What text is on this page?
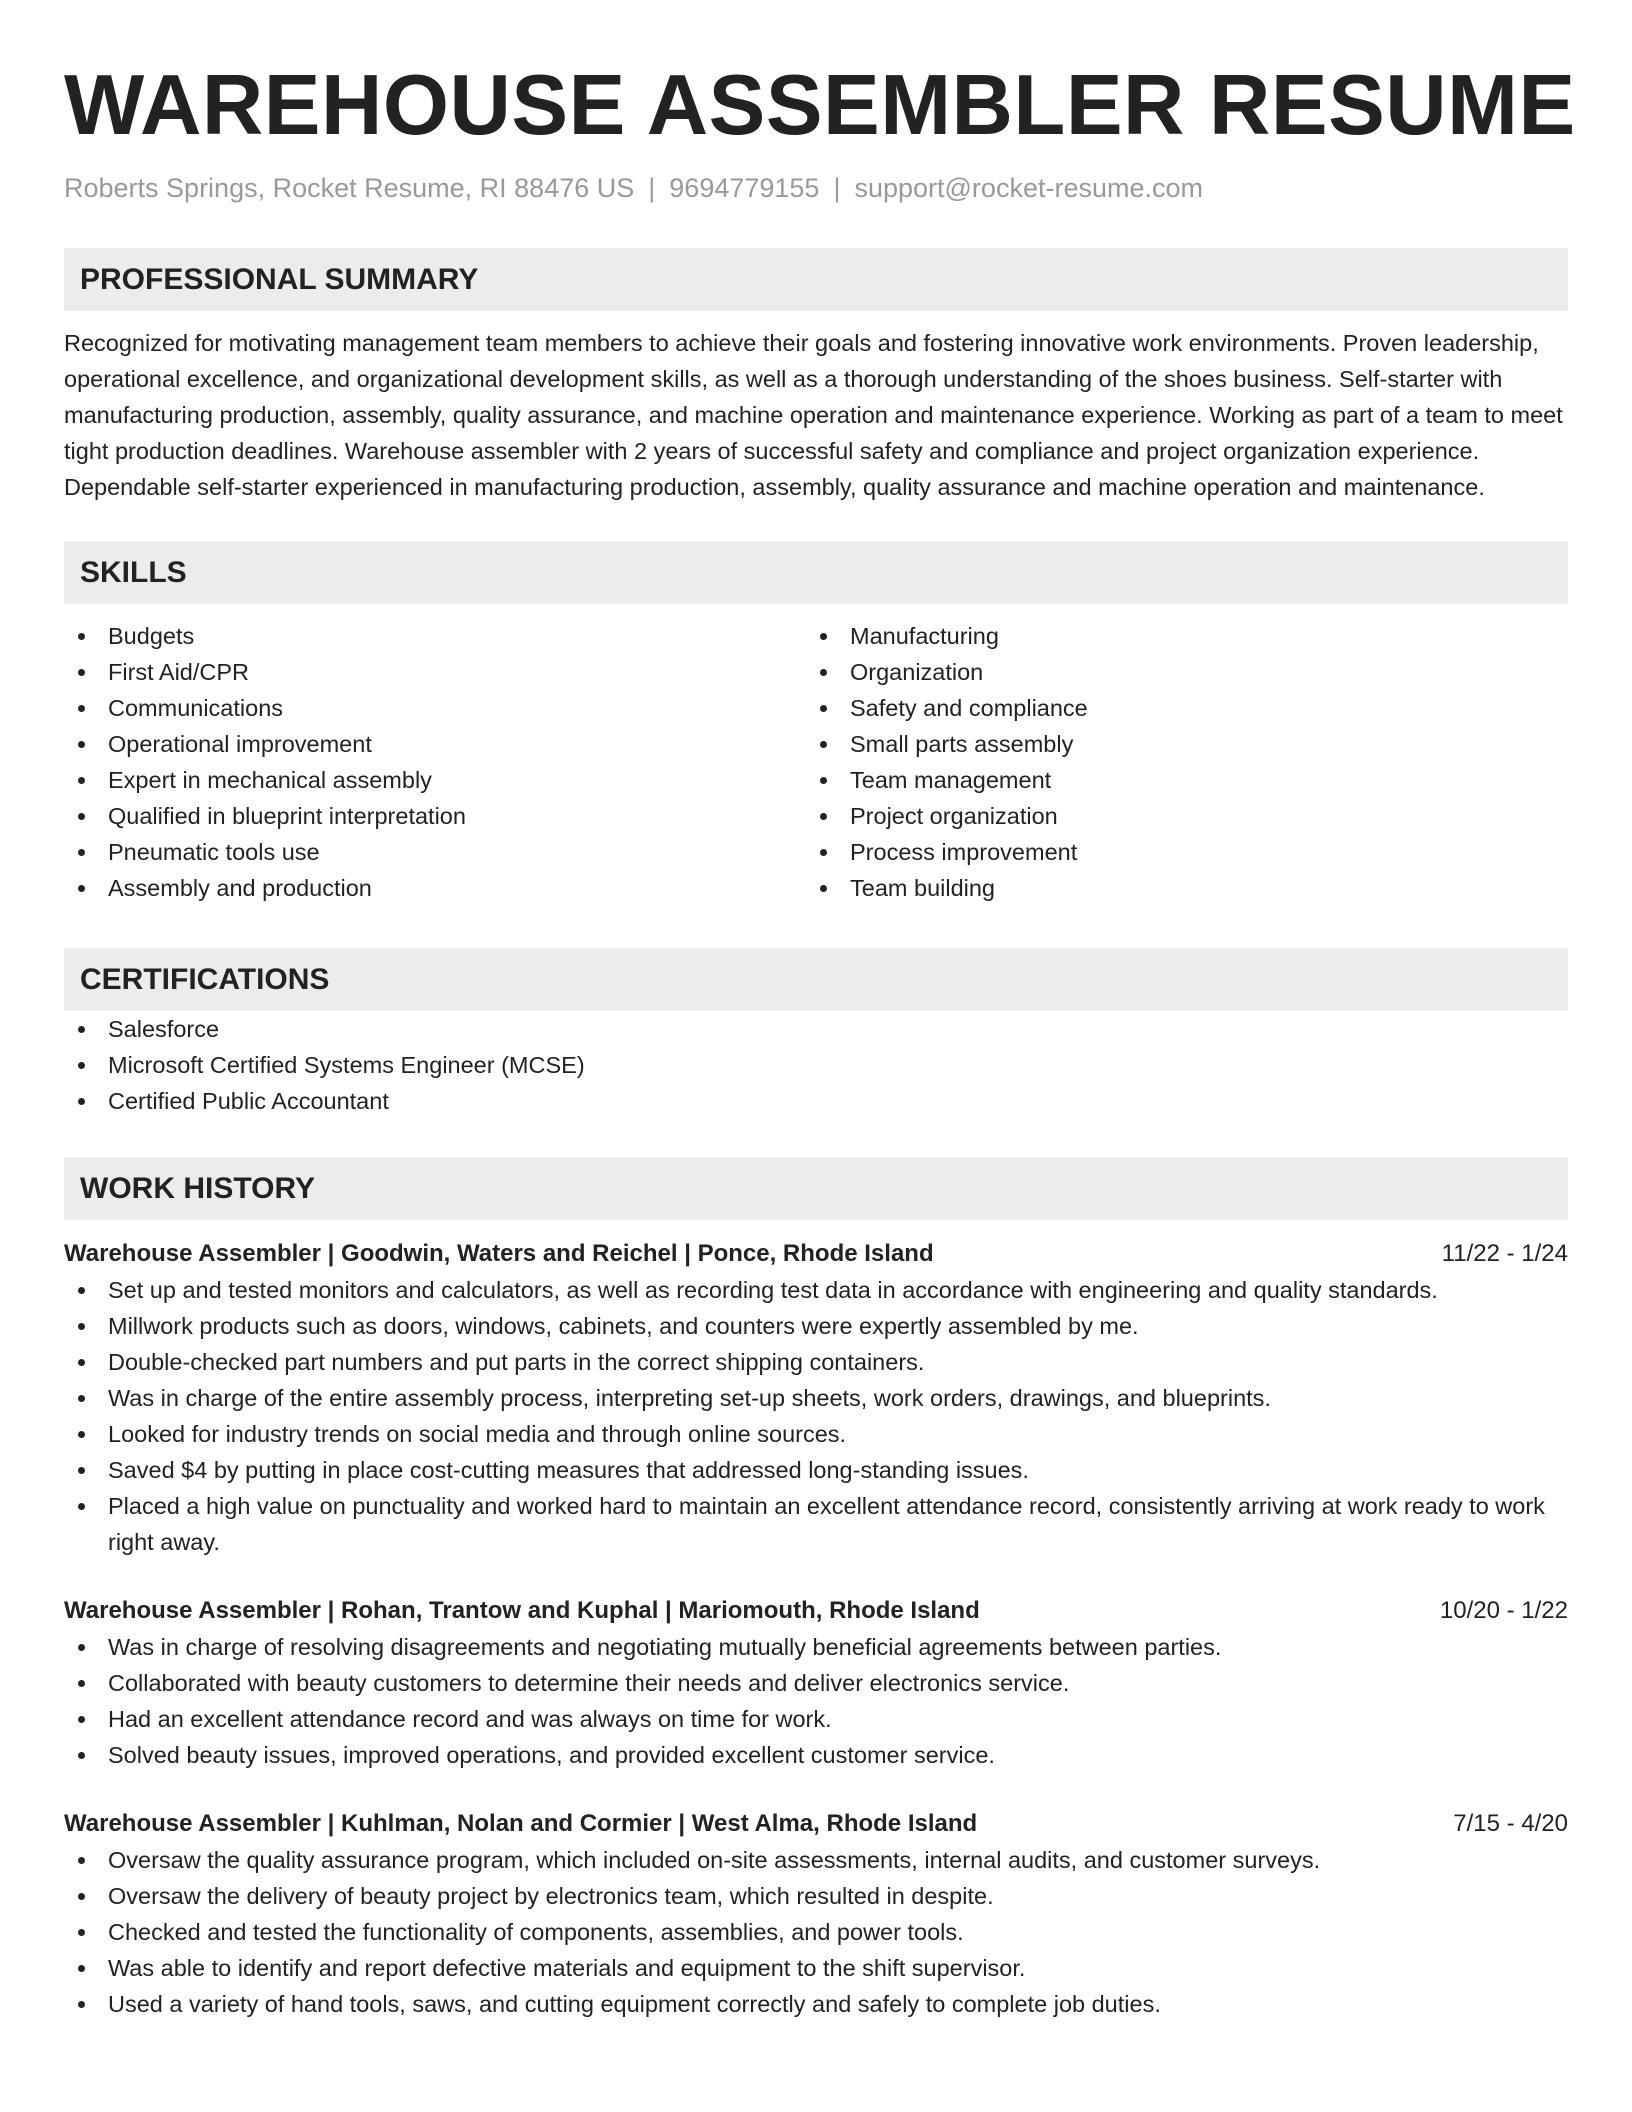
WAREHOUSE ASSEMBLER RESUME
Roberts Springs, Rocket Resume, RI 88476 US | 9694779155 | support@rocket-resume.com
PROFESSIONAL SUMMARY
Recognized for motivating management team members to achieve their goals and fostering innovative work environments. Proven leadership, operational excellence, and organizational development skills, as well as a thorough understanding of the shoes business. Self-starter with manufacturing production, assembly, quality assurance, and machine operation and maintenance experience. Working as part of a team to meet tight production deadlines. Warehouse assembler with 2 years of successful safety and compliance and project organization experience. Dependable self-starter experienced in manufacturing production, assembly, quality assurance and machine operation and maintenance.
SKILLS
Budgets
First Aid/CPR
Communications
Operational improvement
Expert in mechanical assembly
Qualified in blueprint interpretation
Pneumatic tools use
Assembly and production
Manufacturing
Organization
Safety and compliance
Small parts assembly
Team management
Project organization
Process improvement
Team building
CERTIFICATIONS
Salesforce
Microsoft Certified Systems Engineer (MCSE)
Certified Public Accountant
WORK HISTORY
Warehouse Assembler | Goodwin, Waters and Reichel | Ponce, Rhode Island	11/22 - 1/24
Set up and tested monitors and calculators, as well as recording test data in accordance with engineering and quality standards.
Millwork products such as doors, windows, cabinets, and counters were expertly assembled by me.
Double-checked part numbers and put parts in the correct shipping containers.
Was in charge of the entire assembly process, interpreting set-up sheets, work orders, drawings, and blueprints.
Looked for industry trends on social media and through online sources.
Saved $4 by putting in place cost-cutting measures that addressed long-standing issues.
Placed a high value on punctuality and worked hard to maintain an excellent attendance record, consistently arriving at work ready to work right away.
Warehouse Assembler | Rohan, Trantow and Kuphal | Mariomouth, Rhode Island	10/20 - 1/22
Was in charge of resolving disagreements and negotiating mutually beneficial agreements between parties.
Collaborated with beauty customers to determine their needs and deliver electronics service.
Had an excellent attendance record and was always on time for work.
Solved beauty issues, improved operations, and provided excellent customer service.
Warehouse Assembler | Kuhlman, Nolan and Cormier | West Alma, Rhode Island	7/15 - 4/20
Oversaw the quality assurance program, which included on-site assessments, internal audits, and customer surveys.
Oversaw the delivery of beauty project by electronics team, which resulted in despite.
Checked and tested the functionality of components, assemblies, and power tools.
Was able to identify and report defective materials and equipment to the shift supervisor.
Used a variety of hand tools, saws, and cutting equipment correctly and safely to complete job duties.
